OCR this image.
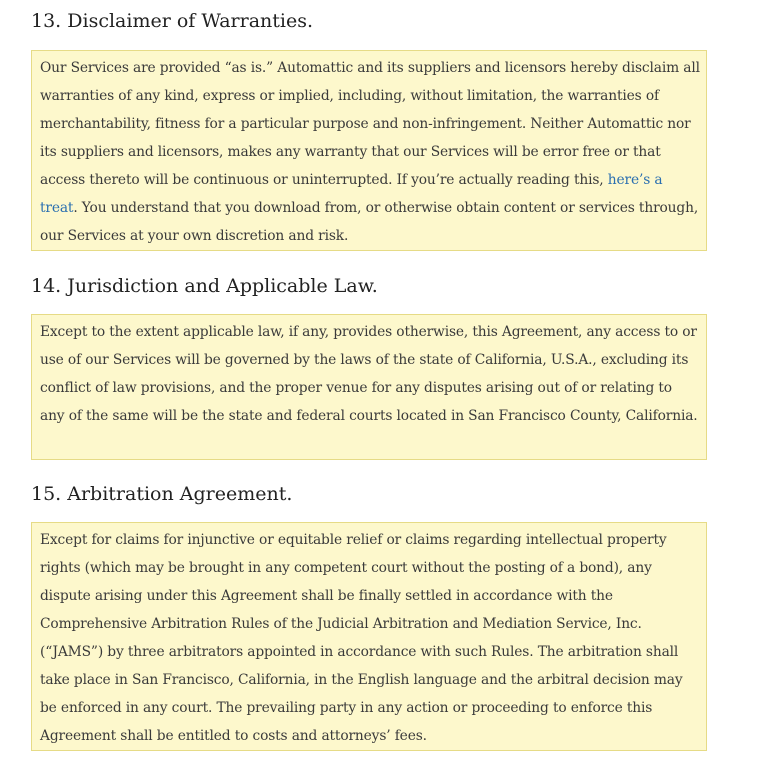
13. Disclaimer of Warranties.

Our Services are provided “as is.” Automattic and its suppliers and licensors hereby disclaim all warranties of any kind, express or implied, including, without limitation, the warranties of merchantability, fitness for a particular purpose and non-infringement. Neither Automattic nor its suppliers and licensors, makes any warranty that our Services will be error free or that access thereto will be continuous or uninterrupted. If you’re actually reading this, here’s a treat. You understand that you download from, or otherwise obtain content or services through, our Services at your own discretion and risk.

14. Jurisdiction and Applicable Law.

Except to the extent applicable law, if any, provides otherwise, this Agreement, any access to or use of our Services will be governed by the laws of the state of California, U.S.A., excluding its conflict of law provisions, and the proper venue for any disputes arising out of or relating to any of the same will be the state and federal courts located in San Francisco County, California.

15. Arbitration Agreement.

Except for claims for injunctive or equitable relief or claims regarding intellectual property rights (which may be brought in any competent court without the posting of a bond), any dispute arising under this Agreement shall be finally settled in accordance with the Comprehensive Arbitration Rules of the Judicial Arbitration and Mediation Service, Inc. (“JAMS”) by three arbitrators appointed in accordance with such Rules. The arbitration shall take place in San Francisco, California, in the English language and the arbitral decision may be enforced in any court. The prevailing party in any action or proceeding to enforce this Agreement shall be entitled to costs and attorneys’ fees.
